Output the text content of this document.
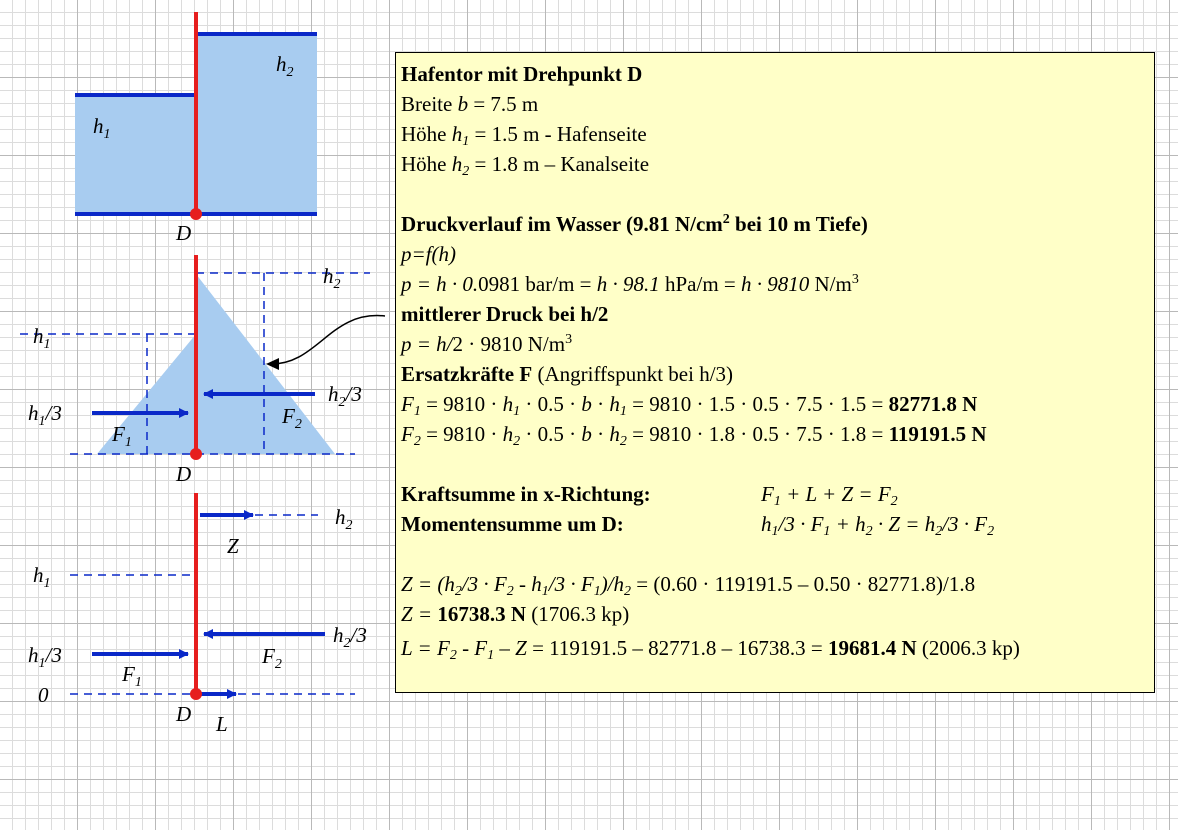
$h_1$
$h_2$
D
$h_2$
$h_1$
$h_1/3$
$h_2/3$
$F_1$
$F_2$
D
$h_2$
Z
$h_1$
$h_2/3$
$h_1/3$	$F_2$
$F_1$
0
D L

Hafentor mit Drehpunkt D

Breite b = 7.5 m

Höhe $h_1 = 1.5$ m - Hafenseite

Höhe $h_2 = 1.8$ m – Kanalseite

Druckverlauf im Wasser (9.81 $N/cm^2$ bei 10 m Tiefe)

p=f(h)

p = h · 0.0981 bar/m = h · 98.1 hPa/m = h · 9810 $N/m^3$

mittlerer Druck bei h/2

p = h/2 · 9810 $N/m^3$

Ersatzkräfte F (Angriffspunkt bei h/3)

$F_1 = 9810 \cdot h_1 \cdot 0.5 \cdot b \cdot h_1 = 9810 \cdot 1.5 \cdot 0.5 \cdot 7.5 \cdot 1.5 = 82771.8$ N

$F_2 = 9810 \cdot h_2 \cdot 0.5 \cdot b \cdot h_2 = 9810 \cdot 1.8 \cdot 0.5 \cdot 7.5 \cdot 1.8 = 119191.5$ N

Kraftsumme in x-Richtung:	$F_1 + L + Z = F_2$

Momentensumme um D:	$h_1/3 \cdot F_1 + h_2 \cdot Z = h_2/3 \cdot F_2$

$Z = (h_2/3 \cdot F_2 - h_1/3 \cdot F_1)/h_2 = (0.60 \cdot 119191.5 - 0.50 \cdot 82771.8)/1.8$

Z = 16738.3 N (1706.3 kp)

$L = F_2 - F_1 - Z = 119191.5 - 82771.8 - 16738.3 = 19681.4$ N (2006.3 kp)
